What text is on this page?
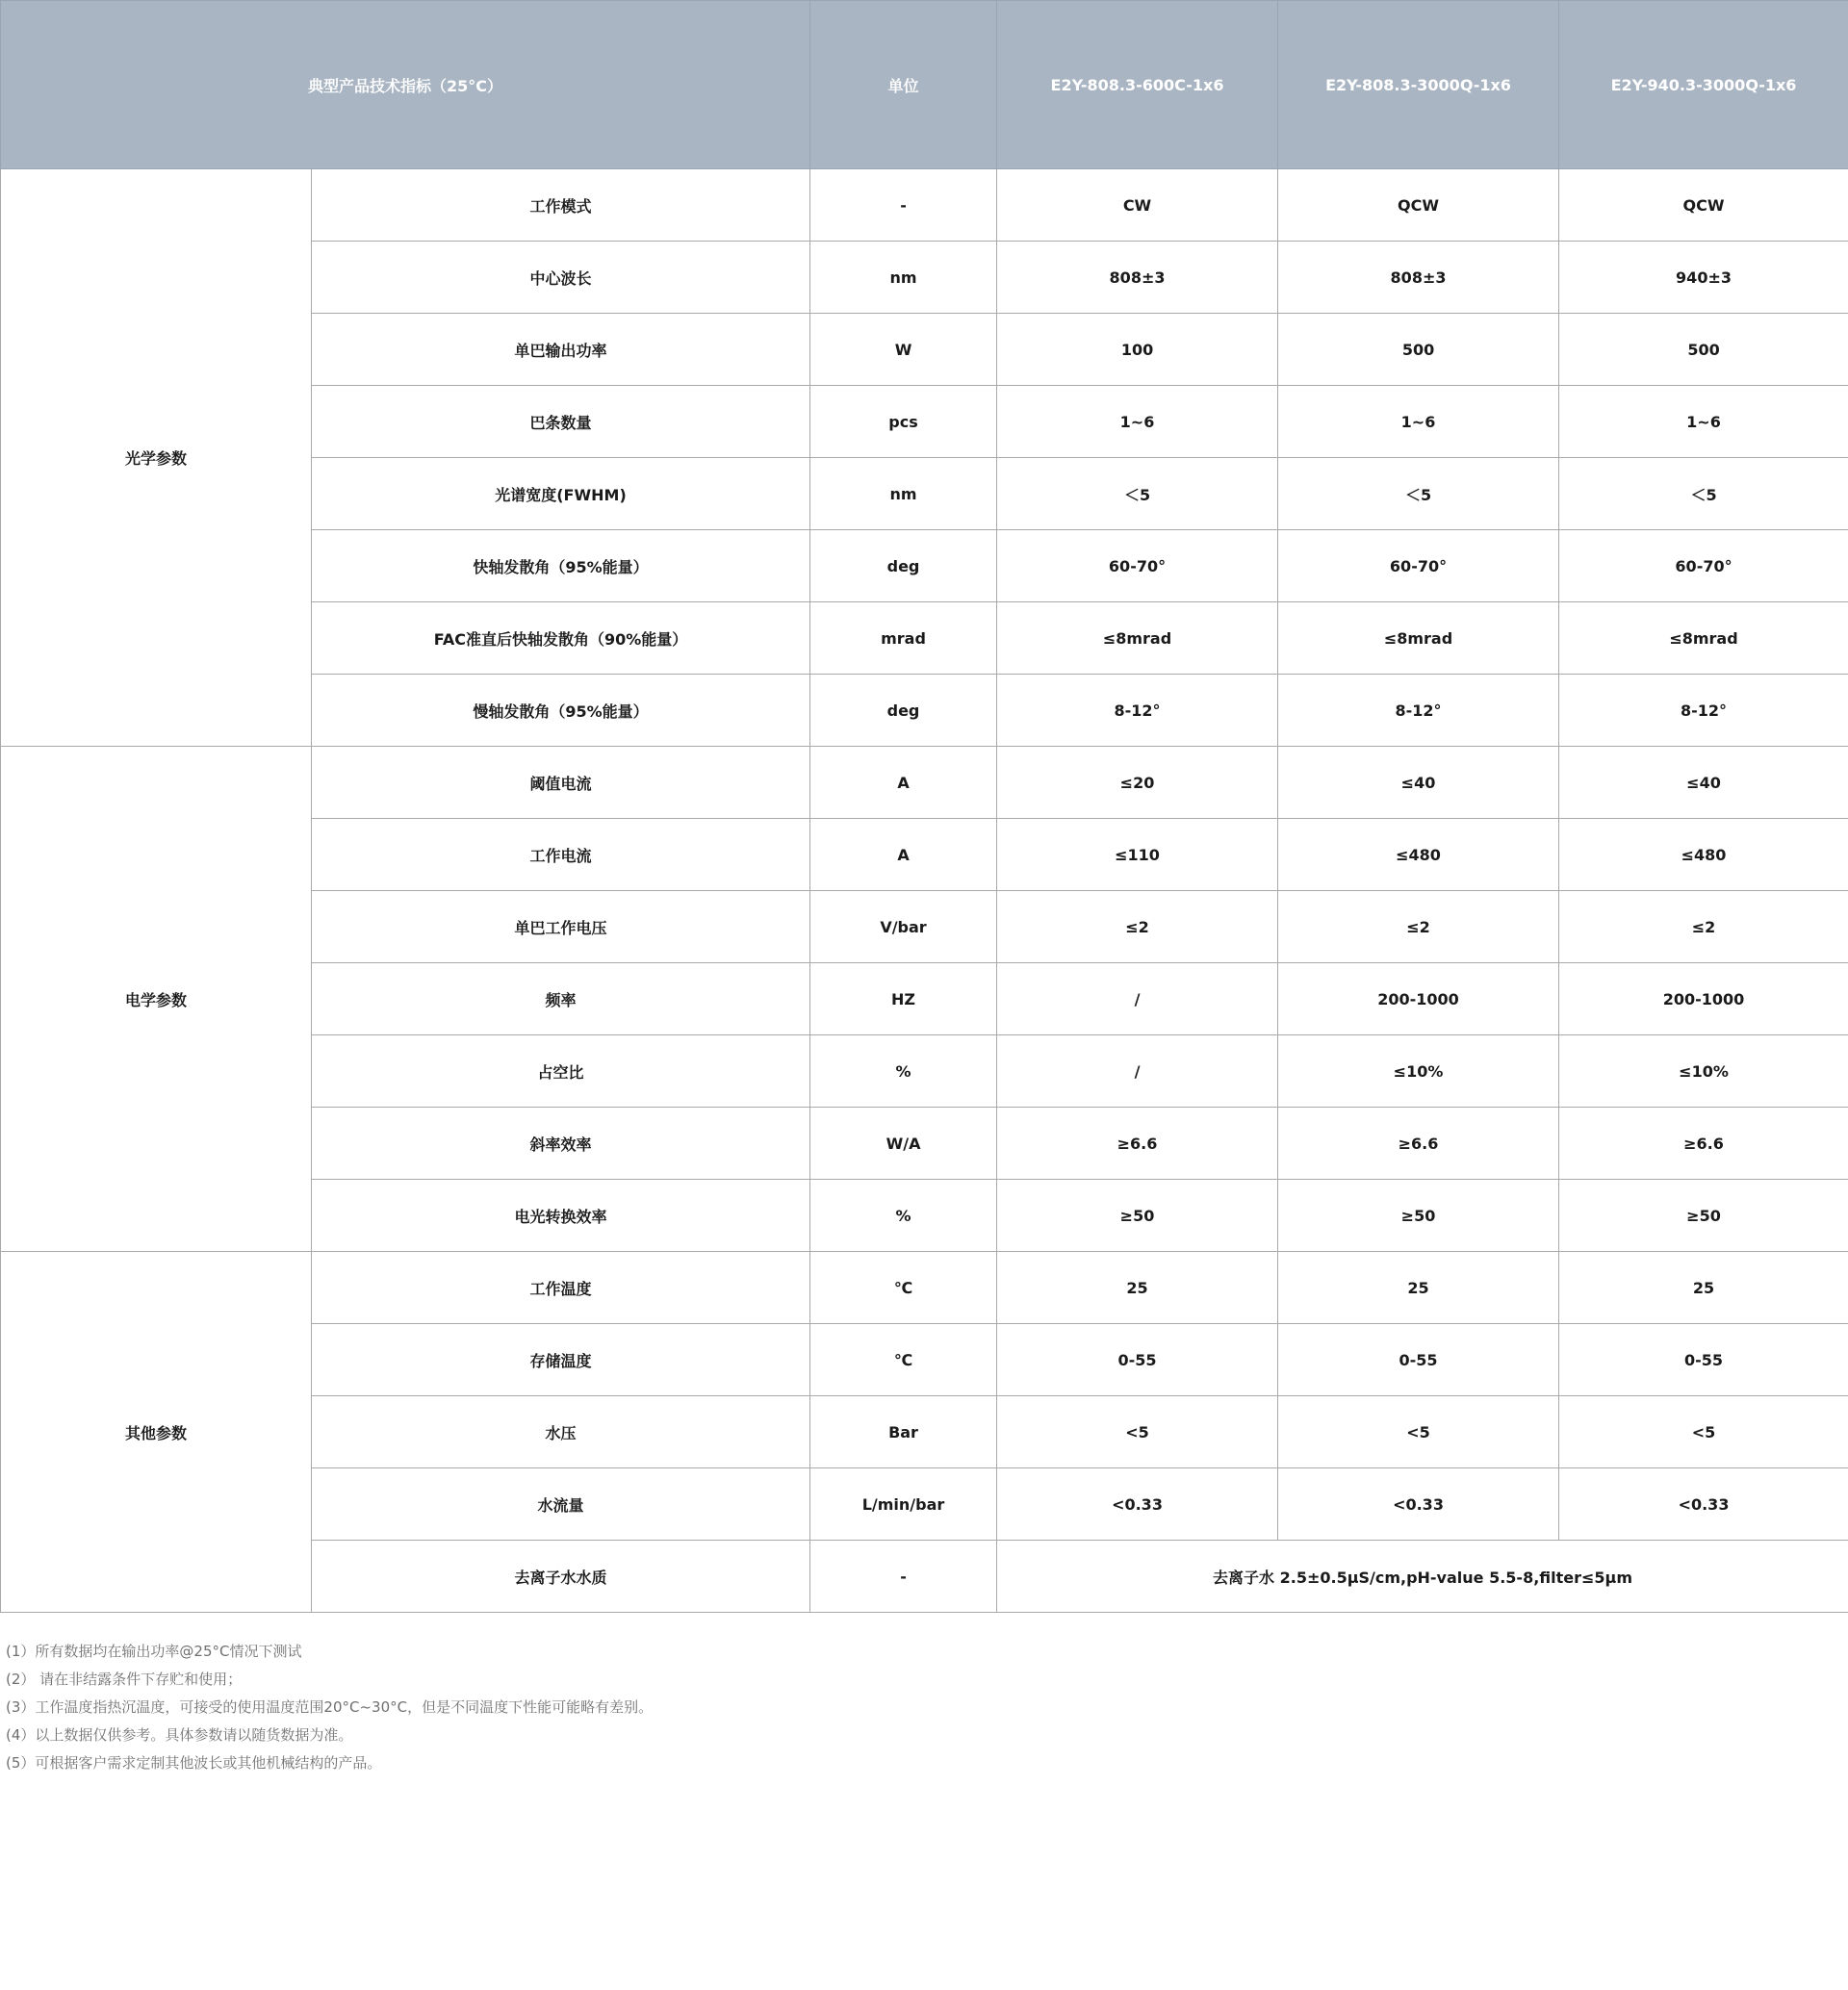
典型产品技术指标（25°C）		单位	E2Y-808.3-600C-1x6	E2Y-808.3-3000Q-1x6	E2Y-940.3-3000Q-1x6
光学参数	工作模式	-	CW	QCW	QCW
	中心波长	nm	808±3	808±3	940±3
	单巴输出功率	W	100	500	500
	巴条数量	pcs	1~6	1~6	1~6
	光谱宽度(FWHM)	nm	＜5	＜5	＜5
	快轴发散角（95%能量）	deg	60-70°	60-70°	60-70°
	FAC准直后快轴发散角（90%能量）	mrad	≤8mrad	≤8mrad	≤8mrad
	慢轴发散角（95%能量）	deg	8-12°	8-12°	8-12°
电学参数	阈值电流	A	≤20	≤40	≤40
	工作电流	A	≤110	≤480	≤480
	单巴工作电压	V/bar	≤2	≤2	≤2
	频率	HZ	/	200-1000	200-1000
	占空比	%	/	≤10%	≤10%
	斜率效率	W/A	≥6.6	≥6.6	≥6.6
	电光转换效率	%	≥50	≥50	≥50
其他参数	工作温度	℃	25	25	25
	存储温度	℃	0-55	0-55	0-55
	水压	Bar	<5	<5	<5
	水流量	L/min/bar	<0.33	<0.33	<0.33
	去离子水水质	-	去离子水 2.5±0.5μS/cm,pH-value 5.5-8,filter≤5μm		
(1）所有数据均在输出功率@25°C情况下测试
(2） 请在非结露条件下存贮和使用；
(3）工作温度指热沉温度，可接受的使用温度范围20°C~30°C，但是不同温度下性能可能略有差别。
(4）以上数据仅供参考。具体参数请以随货数据为准。
(5）可根据客户需求定制其他波长或其他机械结构的产品。
